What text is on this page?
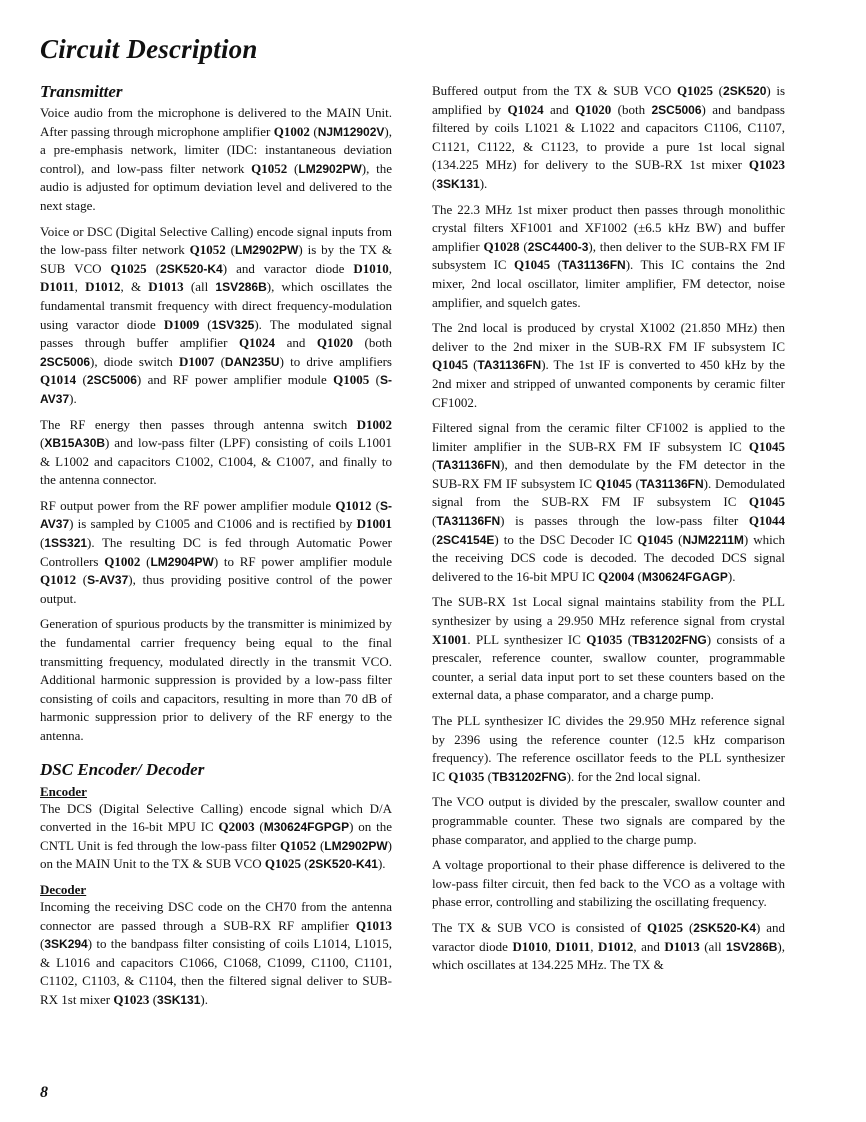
Circuit Description
Transmitter

Voice audio from the microphone is delivered to the MAIN Unit. After passing through microphone amplifier Q1002 (NJM12902V), a pre-emphasis network, limiter (IDC: instantaneous deviation control), and low-pass filter network Q1052 (LM2902PW), the audio is adjusted for optimum deviation level and delivered to the next stage.

Voice or DSC (Digital Selective Calling) encode signal inputs from the low-pass filter network Q1052 (LM2902PW) is by the TX & SUB VCO Q1025 (2SK520-K4) and varactor diode D1010, D1011, D1012, & D1013 (all 1SV286B), which oscillates the fundamental transmit frequency with direct frequency-modulation using varactor diode D1009 (1SV325). The modulated signal passes through buffer amplifier Q1024 and Q1020 (both 2SC5006), diode switch D1007 (DAN235U) to drive amplifiers Q1014 (2SC5006) and RF power amplifier module Q1005 (S-AV37).

The RF energy then passes through antenna switch D1002 (XB15A30B) and low-pass filter (LPF) consisting of coils L1001 & L1002 and capacitors C1002, C1004, & C1007, and finally to the antenna connector.

RF output power from the RF power amplifier module Q1012 (S-AV37) is sampled by C1005 and C1006 and is rectified by D1001 (1SS321). The resulting DC is fed through Automatic Power Controllers Q1002 (LM2904PW) to RF power amplifier module Q1012 (S-AV37), thus providing positive control of the power output.

Generation of spurious products by the transmitter is minimized by the fundamental carrier frequency being equal to the final transmitting frequency, modulated directly in the transmit VCO. Additional harmonic suppression is provided by a low-pass filter consisting of coils and capacitors, resulting in more than 70 dB of harmonic suppression prior to delivery of the RF energy to the antenna.

DSC Encoder/ Decoder
Encoder

The DCS (Digital Selective Calling) encode signal which D/A converted in the 16-bit MPU IC Q2003 (M30624FGPGP) on the CNTL Unit is fed through the low-pass filter Q1052 (LM2902PW) on the MAIN Unit to the TX & SUB VCO Q1025 (2SK520-K41).

Decoder

Incoming the receiving DSC code on the CH70 from the antenna connector are passed through a SUB-RX RF amplifier Q1013 (3SK294) to the bandpass filter consisting of coils L1014, L1015, & L1016 and capacitors C1066, C1068, C1099, C1100, C1101, C1102, C1103, & C1104, then the filtered signal deliver to SUB-RX 1st mixer Q1023 (3SK131).

Buffered output from the TX & SUB VCO Q1025 (2SK520) is amplified by Q1024 and Q1020 (both 2SC5006) and bandpass filtered by coils L1021 & L1022 and capacitors C1106, C1107, C1121, C1122, & C1123, to provide a pure 1st local signal (134.225 MHz) for delivery to the SUB-RX 1st mixer Q1023 (3SK131).

The 22.3 MHz 1st mixer product then passes through monolithic crystal filters XF1001 and XF1002 (±6.5 kHz BW) and buffer amplifier Q1028 (2SC4400-3), then deliver to the SUB-RX FM IF subsystem IC Q1045 (TA31136FN). This IC contains the 2nd mixer, 2nd local oscillator, limiter amplifier, FM detector, noise amplifier, and squelch gates.

The 2nd local is produced by crystal X1002 (21.850 MHz) then deliver to the 2nd mixer in the SUB-RX FM IF subsystem IC Q1045 (TA31136FN). The 1st IF is converted to 450 kHz by the 2nd mixer and stripped of unwanted components by ceramic filter CF1002.

Filtered signal from the ceramic filter CF1002 is applied to the limiter amplifier in the SUB-RX FM IF subsystem IC Q1045 (TA31136FN), and then demodulate by the FM detector in the SUB-RX FM IF subsystem IC Q1045 (TA31136FN). Demodulated signal from the SUB-RX FM IF subsystem IC Q1045 (TA31136FN) is passes through the low-pass filter Q1044 (2SC4154E) to the DSC Decoder IC Q1045 (NJM2211M) which the receiving DCS code is decoded. The decoded DCS signal delivered to the 16-bit MPU IC Q2004 (M30624FGAGP).

The SUB-RX 1st Local signal maintains stability from the PLL synthesizer by using a 29.950 MHz reference signal from crystal X1001. PLL synthesizer IC Q1035 (TB31202FNG) consists of a prescaler, reference counter, swallow counter, programmable counter, a serial data input port to set these counters based on the external data, a phase comparator, and a charge pump.

The PLL synthesizer IC divides the 29.950 MHz reference signal by 2396 using the reference counter (12.5 kHz comparison frequency). The reference oscillator feeds to the PLL synthesizer IC Q1035 (TB31202FNG). for the 2nd local signal.

The VCO output is divided by the prescaler, swallow counter and programmable counter. These two signals are compared by the phase comparator, and applied to the charge pump.

A voltage proportional to their phase difference is delivered to the low-pass filter circuit, then fed back to the VCO as a voltage with phase error, controlling and stabilizing the oscillating frequency.

The TX & SUB VCO is consisted of Q1025 (2SK520-K4) and varactor diode D1010, D1011, D1012, and D1013 (all 1SV286B), which oscillates at 134.225 MHz. The TX &

8
